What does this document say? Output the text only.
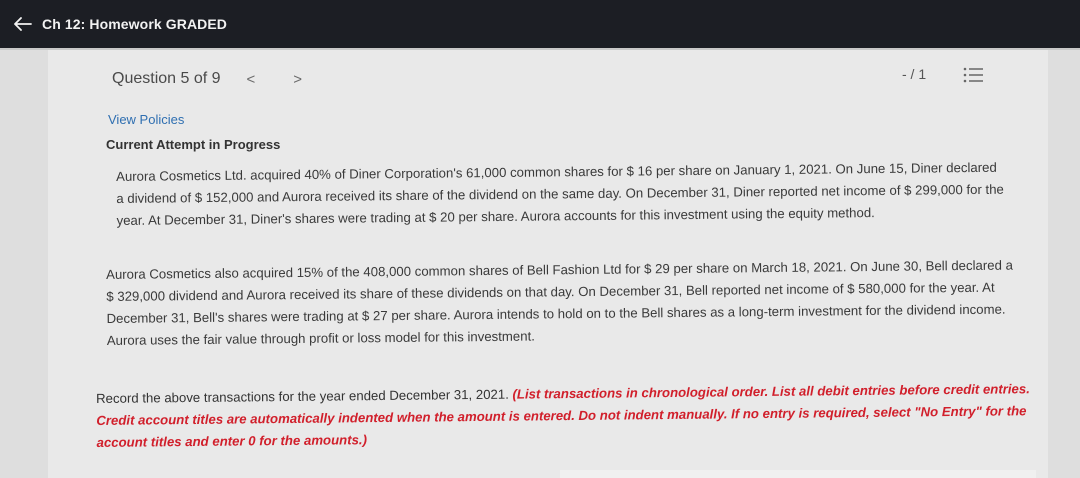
Ch 12: Homework GRADED
Question 5 of 9 <	>	- / 1
View Policies
Current Attempt in Progress

Aurora Cosmetics Ltd. acquired 40% of Diner Corporation's 61,000 common shares for $ 16 per share on January 1, 2021. On June 15, Diner declared a dividend of $ 152,000 and Aurora received its share of the dividend on the same day. On December 31, Diner reported net income of $ 299,000 for the year. At December 31, Diner's shares were trading at $ 20 per share. Aurora accounts for this investment using the equity method.

Aurora Cosmetics also acquired 15% of the 408,000 common shares of Bell Fashion Ltd for $ 29 per share on March 18, 2021. On June 30, Bell declared a $ 329,000 dividend and Aurora received its share of these dividends on that day. On December 31, Bell reported net income of $ 580,000 for the year. At December 31, Bell's shares were trading at $ 27 per share. Aurora intends to hold on to the Bell shares as a long-term investment for the dividend income. Aurora uses the fair value through profit or loss model for this investment.

Record the above transactions for the year ended December 31, 2021. (List transactions in chronological order. List all debit entries before credit entries. Credit account titles are automatically indented when the amount is entered. Do not indent manually. If no entry is required, select "No Entry" for the account titles and enter 0 for the amounts.)
